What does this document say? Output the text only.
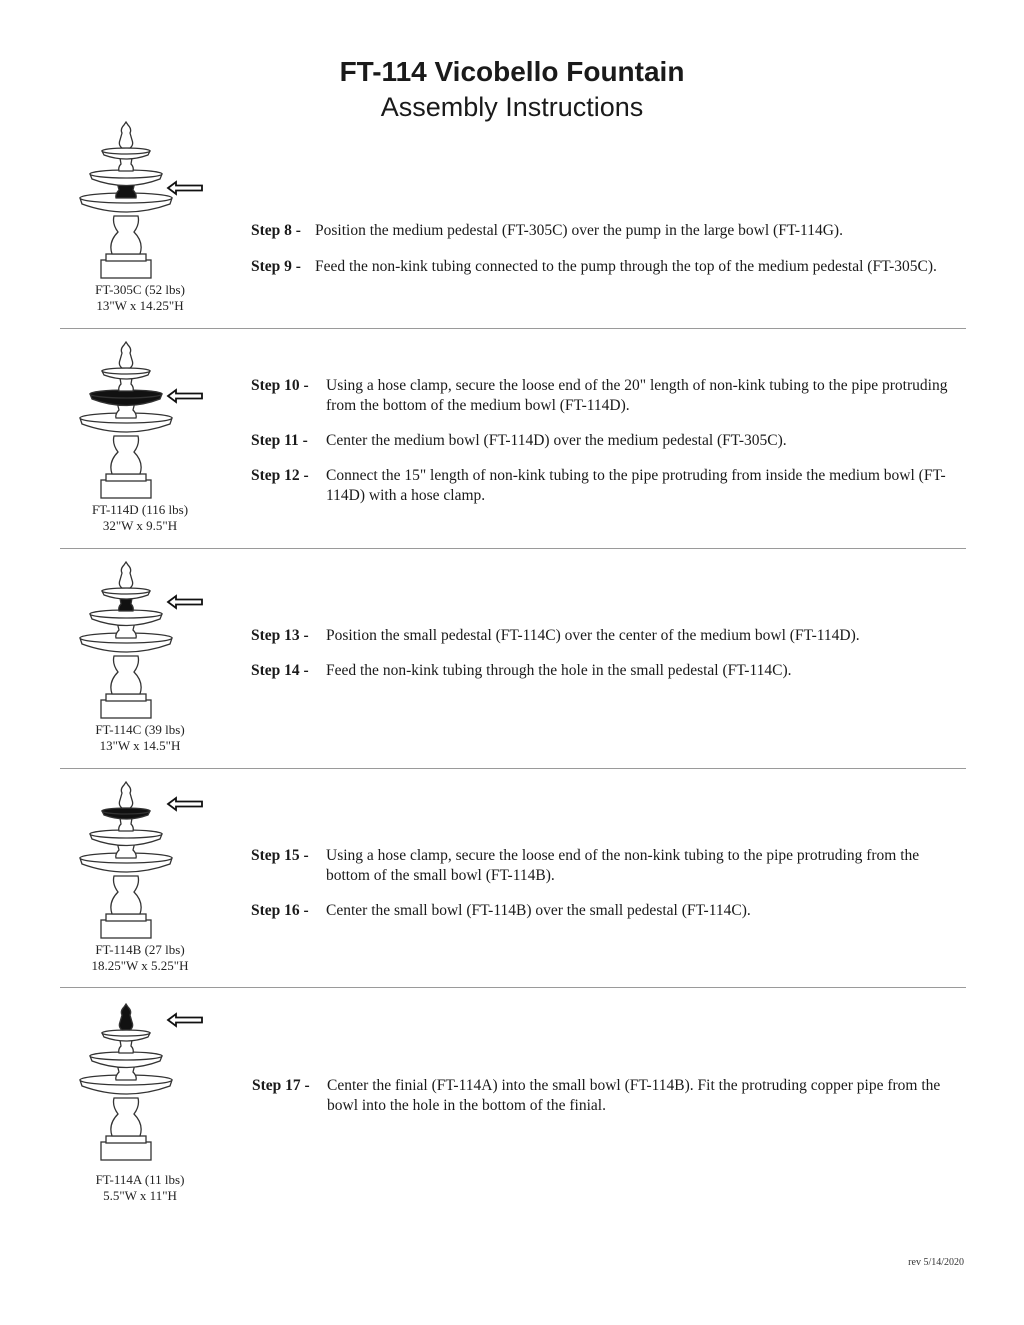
FT-114 Vicobello Fountain
Assembly Instructions
FT-305C (52 lbs)
13"W x 14.25"H
Step 8 - Position the medium pedestal (FT-305C) over the pump in the large bowl (FT-114G).
Step 9 - Feed the non-kink tubing connected to the pump through the top of the medium pedestal (FT-305C).
FT-114D (116 lbs)
32"W x 9.5"H
Step 10 - Using a hose clamp, secure the loose end of the 20" length of non-kink tubing to the pipe protruding from the bottom of the medium bowl (FT-114D).
Step 11 - Center the medium bowl (FT-114D) over the medium pedestal (FT-305C).
Step 12 - Connect the 15" length of non-kink tubing to the pipe protruding from inside the medium bowl (FT-114D) with a hose clamp.
FT-114C (39 lbs)
13"W x 14.5"H
Step 13 - Position the small pedestal (FT-114C) over the center of the medium bowl (FT-114D).
Step 14 - Feed the non-kink tubing through the hole in the small pedestal (FT-114C).
FT-114B (27 lbs)
18.25"W x 5.25"H
Step 15 - Using a hose clamp, secure the loose end of the non-kink tubing to the pipe protruding from the bottom of the small bowl (FT-114B).
Step 16 - Center the small bowl (FT-114B) over the small pedestal (FT-114C).
FT-114A (11 lbs)
5.5"W x 11"H
Step 17 - Center the finial (FT-114A) into the small bowl (FT-114B). Fit the protruding copper pipe from the bowl into the hole in the bottom of the finial.
rev 5/14/2020
